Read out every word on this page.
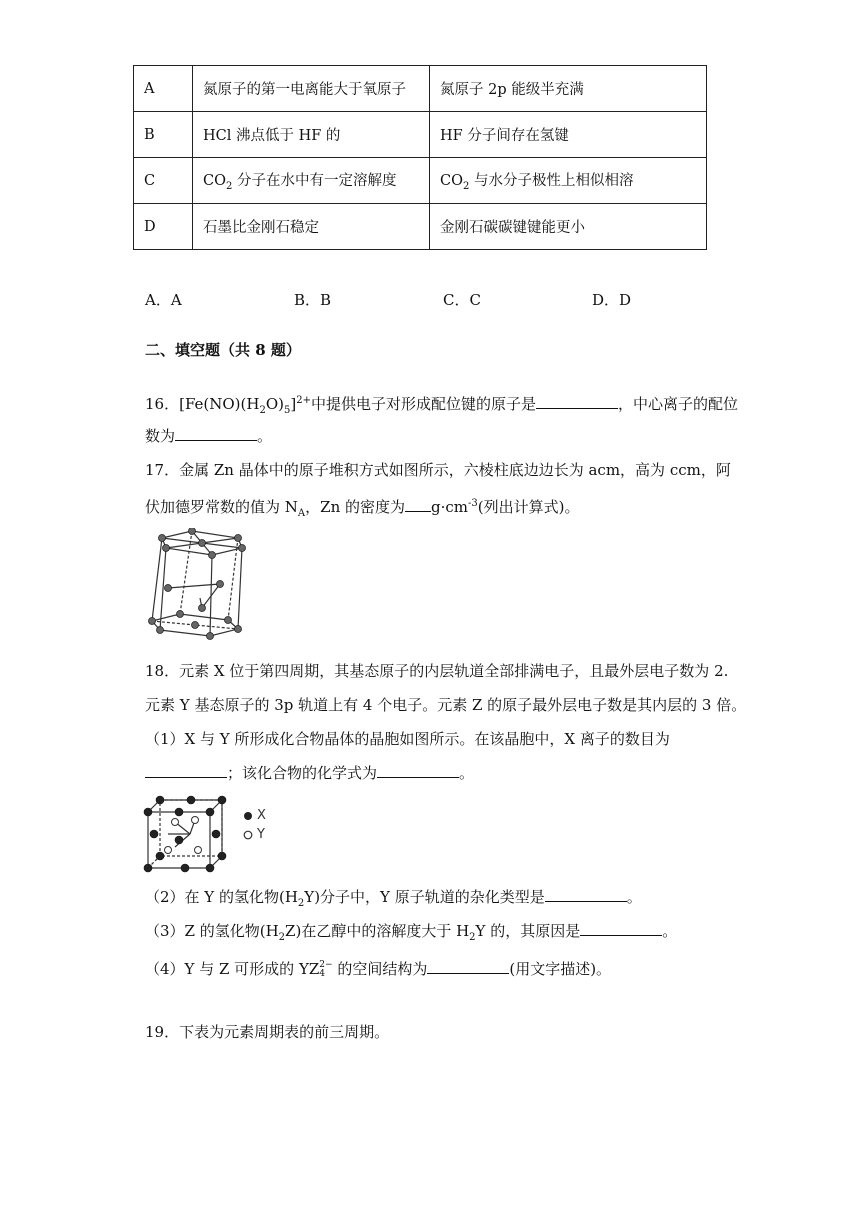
A	氮原子的第一电离能大于氧原子	氮原子 2p 能级半充满
B	HCl 沸点低于 HF 的	HF 分子间存在氢键
C	$CO_2$ 分子在水中有一定溶解度	$CO_2$ 与水分子极性上相似相溶
D	石墨比金刚石稳定	金刚石碳碳键键能更小
A．A	B．B	C．C	D．D
二、填空题（共 8 题）
16．$[Fe(NO)(H_2O)_5]^{2+}$中提供电子对形成配位键的原子是	，中心离子的配位
数为	。
17．金属 Zn 晶体中的原子堆积方式如图所示，六棱柱底边边长为 acm，高为 ccm，阿
伏加德罗常数的值为 $N_A$，Zn 的密度为 $g\cdot cm^{-3}$(列出计算式)。
18．元素 X 位于第四周期，其基态原子的内层轨道全部排满电子，且最外层电子数为 2.
元素 Y 基态原子的 3p 轨道上有 4 个电子。元素 Z 的原子最外层电子数是其内层的 3 倍。
（1）X 与 Y 所形成化合物晶体的晶胞如图所示。在该晶胞中，X 离子的数目为
；该化合物的化学式为	。
X
Y
（2）在 Y 的氢化物$(H_2Y)$分子中，Y 原子轨道的杂化类型是	。
（3）Z 的氢化物$(H_2Z)$在乙醇中的溶解度大于 $H_2Y$ 的，其原因是	。
（4）Y 与 Z 可形成的 YZ 2−
4 的空间结构为	(用文字描述)。
19．下表为元素周期表的前三周期。
